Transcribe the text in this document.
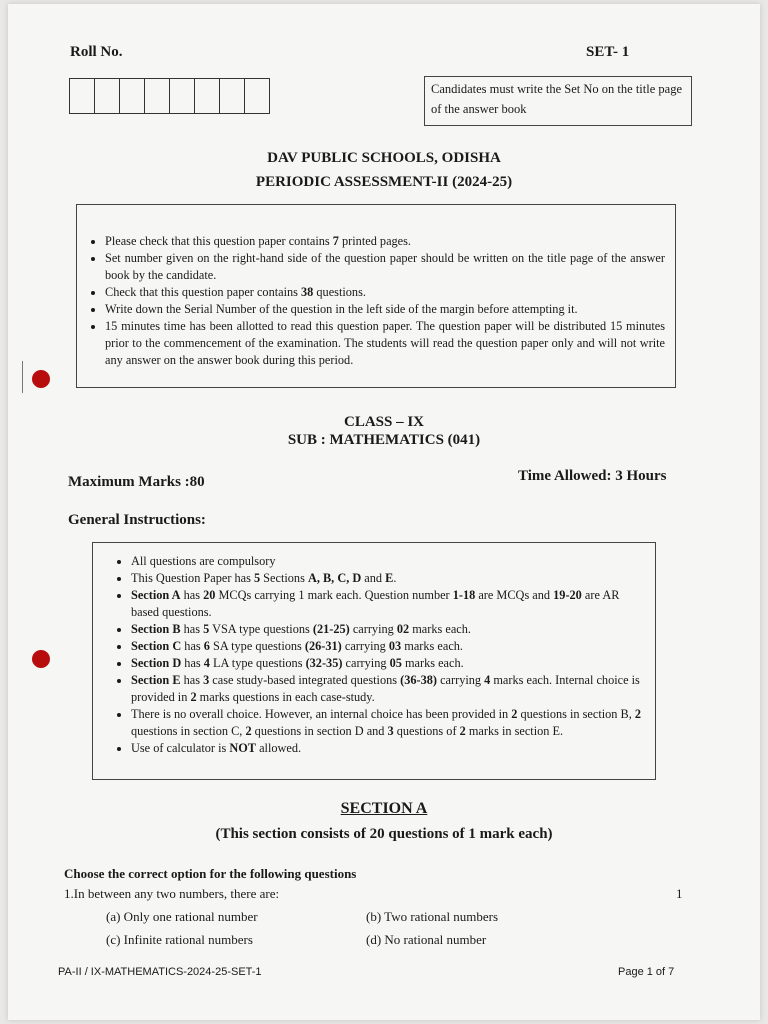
Roll No.	SET- 1
Candidates must write the Set No on the title page of the answer book
DAV PUBLIC SCHOOLS, ODISHA
PERIODIC ASSESSMENT-II (2024-25)
• Please check that this question paper contains 7 printed pages.
• Set number given on the right-hand side of the question paper should be written on the title page of the answer book by the candidate.
• Check that this question paper contains 38 questions.
• Write down the Serial Number of the question in the left side of the margin before attempting it.
• 15 minutes time has been allotted to read this question paper. The question paper will be distributed 15 minutes prior to the commencement of the examination. The students will read the question paper only and will not write any answer on the answer book during this period.
CLASS – IX
SUB : MATHEMATICS (041)
Maximum Marks :80	Time Allowed: 3 Hours
General Instructions:
• All questions are compulsory
• This Question Paper has 5 Sections A, B, C, D and E.
• Section A has 20 MCQs carrying 1 mark each. Question number 1-18 are MCQs and 19-20 are AR based questions.
• Section B has 5 VSA type questions (21-25) carrying 02 marks each.
• Section C has 6 SA type questions (26-31) carrying 03 marks each.
• Section D has 4 LA type questions (32-35) carrying 05 marks each.
• Section E has 3 case study-based integrated questions (36-38) carrying 4 marks each. Internal choice is provided in 2 marks questions in each case-study.
• There is no overall choice. However, an internal choice has been provided in 2 questions in section B, 2 questions in section C, 2 questions in section D and 3 questions of 2 marks in section E.
• Use of calculator is NOT allowed.
SECTION A
(This section consists of 20 questions of 1 mark each)
Choose the correct option for the following questions
1.In between any two numbers, there are:	1
(a) Only one rational number	(b) Two rational numbers
(c) Infinite rational numbers	(d) No rational number
PA-II / IX-MATHEMATICS-2024-25-SET-1	Page 1 of 7
